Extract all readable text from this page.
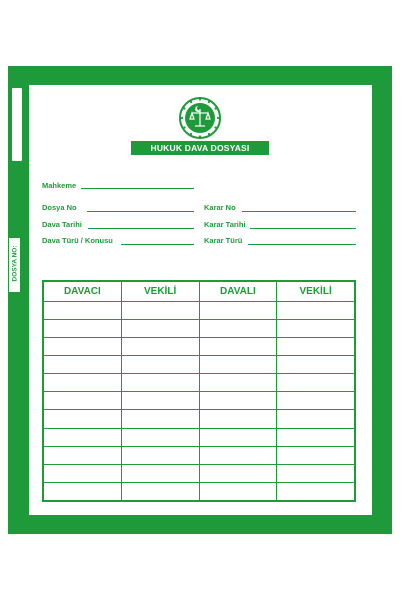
DOSYA NO:
HUKUK DAVA DOSYASI
Mahkeme
Dosya No
Dava Tarihi
Dava Türü / Konusu
Karar No
Karar Tarihi
Karar Türü
DAVACI	VEKİLİ	DAVALI	VEKİLİ
